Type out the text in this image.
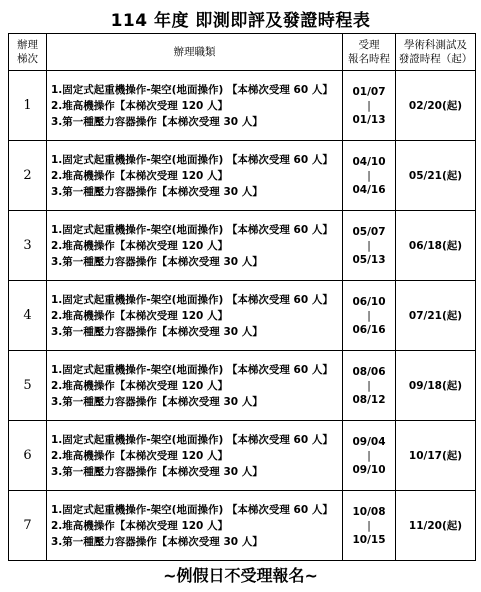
114 年度 即測即評及發證時程表
辦理
梯次	辦理職類	受理
報名時程	學術科測試及
發證時程（起）
1	1.固定式起重機操作-架空(地面操作) 【本梯次受理 60 人】
2.堆高機操作【本梯次受理 120 人】
3.第一種壓力容器操作【本梯次受理 30 人】	01/07
|
01/13	02/20(起)
2	1.固定式起重機操作-架空(地面操作) 【本梯次受理 60 人】
2.堆高機操作【本梯次受理 120 人】
3.第一種壓力容器操作【本梯次受理 30 人】	04/10
|
04/16	05/21(起)
3	1.固定式起重機操作-架空(地面操作) 【本梯次受理 60 人】
2.堆高機操作【本梯次受理 120 人】
3.第一種壓力容器操作【本梯次受理 30 人】	05/07
|
05/13	06/18(起)
4	1.固定式起重機操作-架空(地面操作) 【本梯次受理 60 人】
2.堆高機操作【本梯次受理 120 人】
3.第一種壓力容器操作【本梯次受理 30 人】	06/10
|
06/16	07/21(起)
5	1.固定式起重機操作-架空(地面操作) 【本梯次受理 60 人】
2.堆高機操作【本梯次受理 120 人】
3.第一種壓力容器操作【本梯次受理 30 人】	08/06
|
08/12	09/18(起)
6	1.固定式起重機操作-架空(地面操作) 【本梯次受理 60 人】
2.堆高機操作【本梯次受理 120 人】
3.第一種壓力容器操作【本梯次受理 30 人】	09/04
|
09/10	10/17(起)
7	1.固定式起重機操作-架空(地面操作) 【本梯次受理 60 人】
2.堆高機操作【本梯次受理 120 人】
3.第一種壓力容器操作【本梯次受理 30 人】	10/08
|
10/15	11/20(起)
~例假日不受理報名~
